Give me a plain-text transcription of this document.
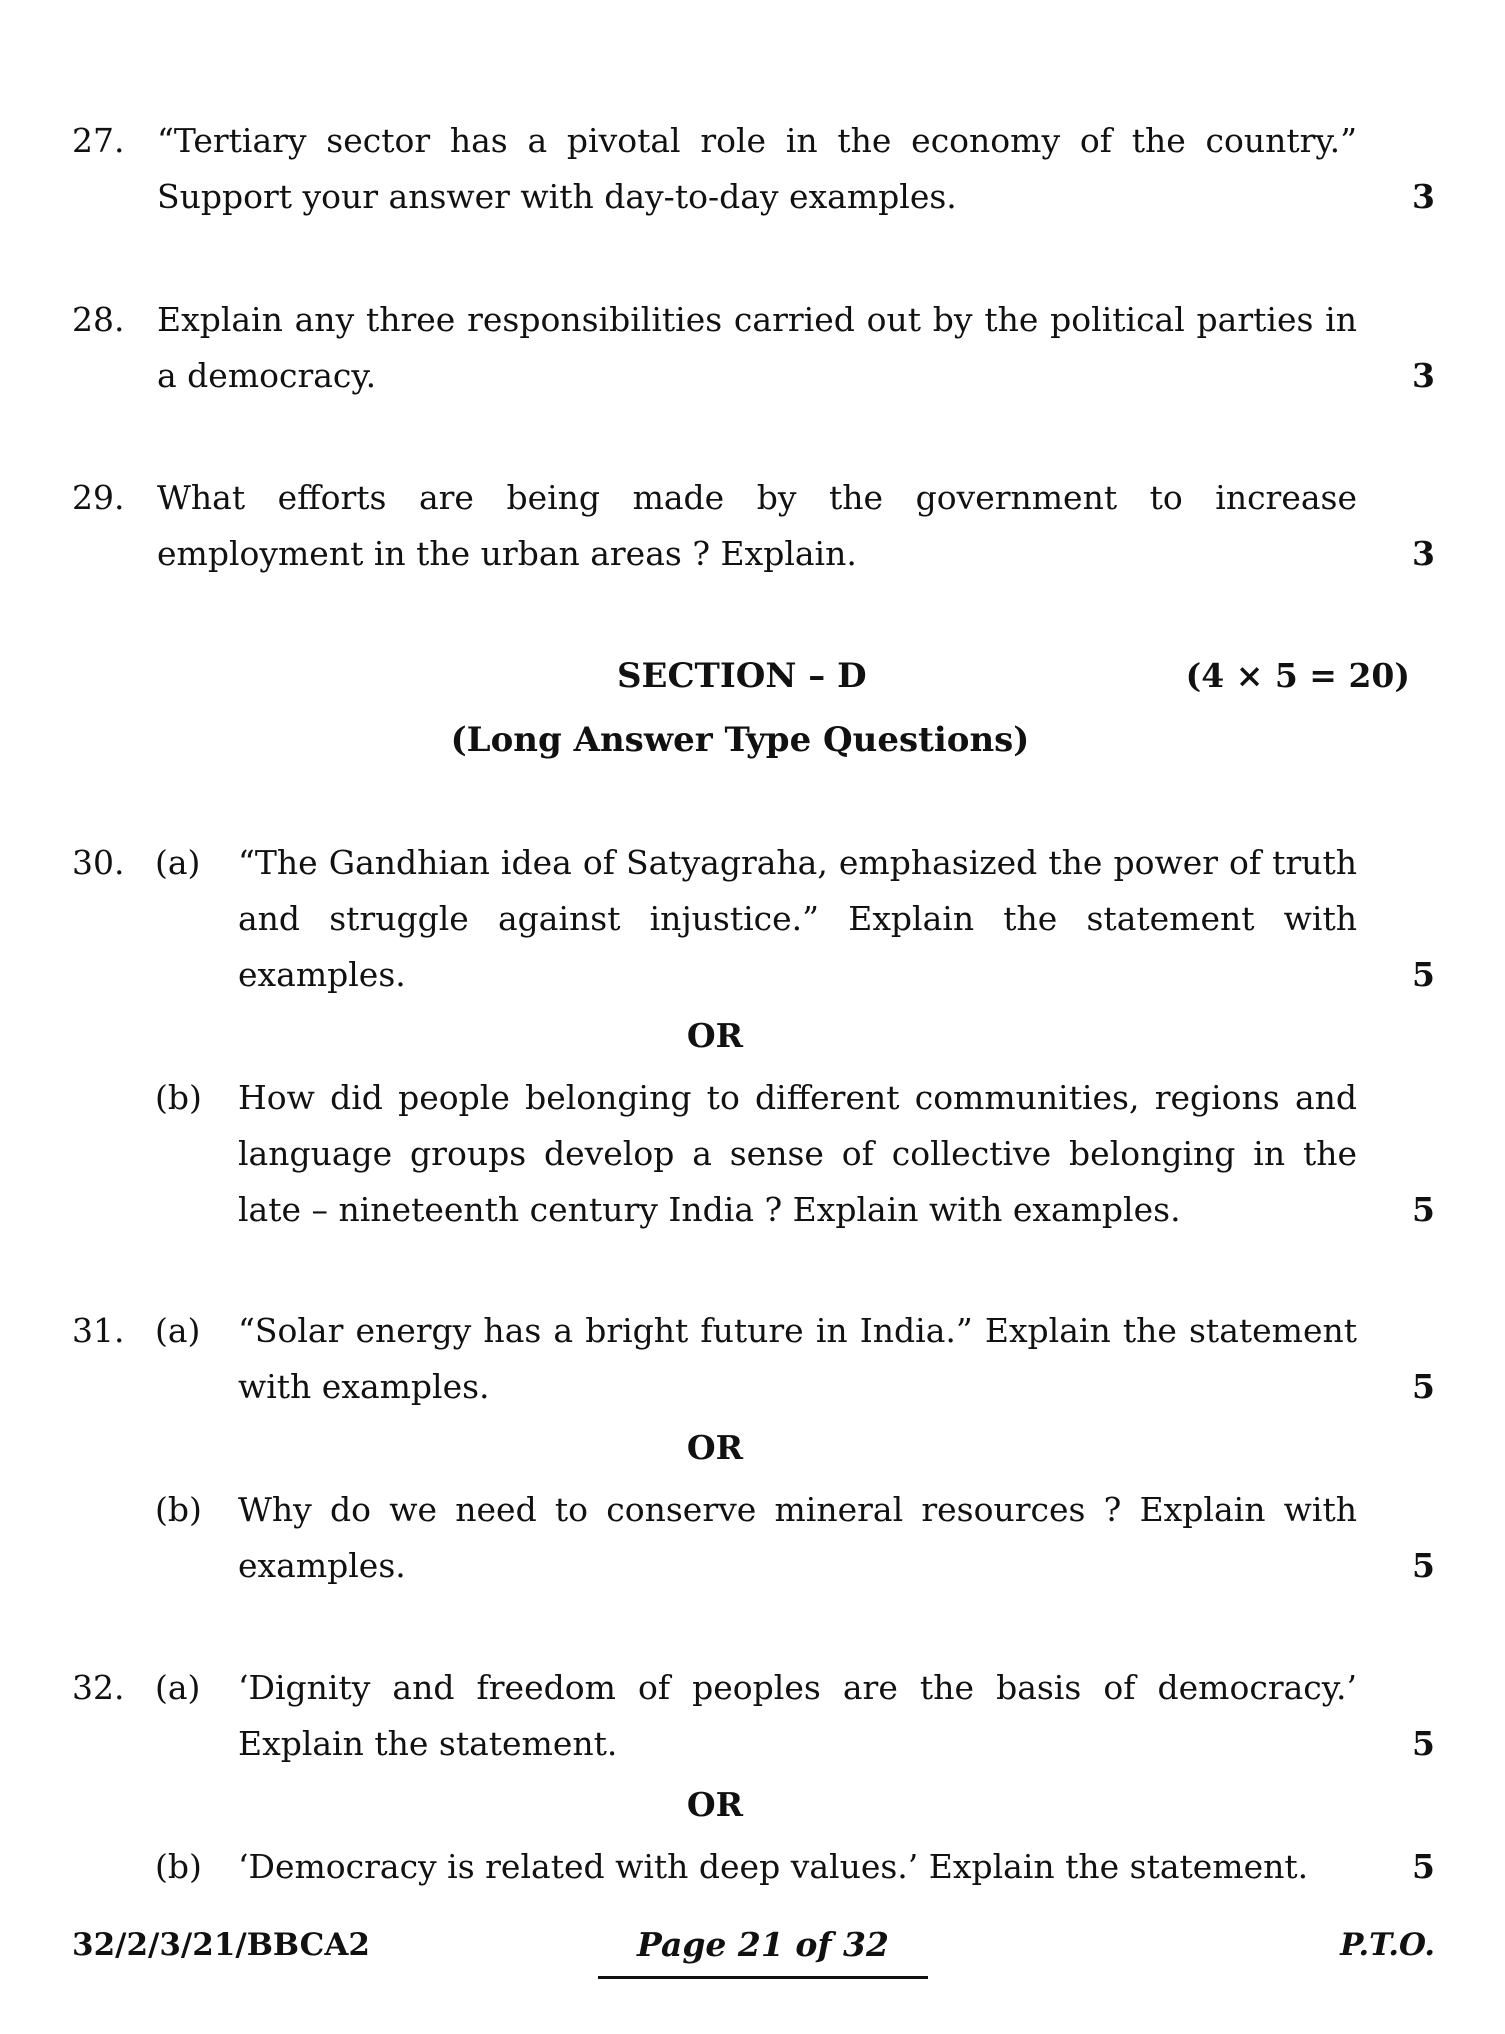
27. “Tertiary sector has a pivotal role in the economy of the country.” Support your answer with day-to-day examples.	3
28. Explain any three responsibilities carried out by the political parties in a democracy.	3
29. What efforts are being made by the government to increase employment in the urban areas ? Explain.	3
SECTION – D	(4 × 5 = 20)
(Long Answer Type Questions)
30. (a) “The Gandhian idea of Satyagraha, emphasized the power of truth and struggle against injustice.” Explain the statement with examples.	5
OR
(b) How did people belonging to different communities, regions and language groups develop a sense of collective belonging in the late – nineteenth century India ? Explain with examples.	5
31. (a) “Solar energy has a bright future in India.” Explain the statement with examples.	5
OR
(b) Why do we need to conserve mineral resources ? Explain with examples.	5
32. (a) ‘Dignity and freedom of peoples are the basis of democracy.’ Explain the statement.	5
OR
(b) ‘Democracy is related with deep values.’ Explain the statement.	5
32/2/3/21/BBCA2	Page 21 of 32	P.T.O.
